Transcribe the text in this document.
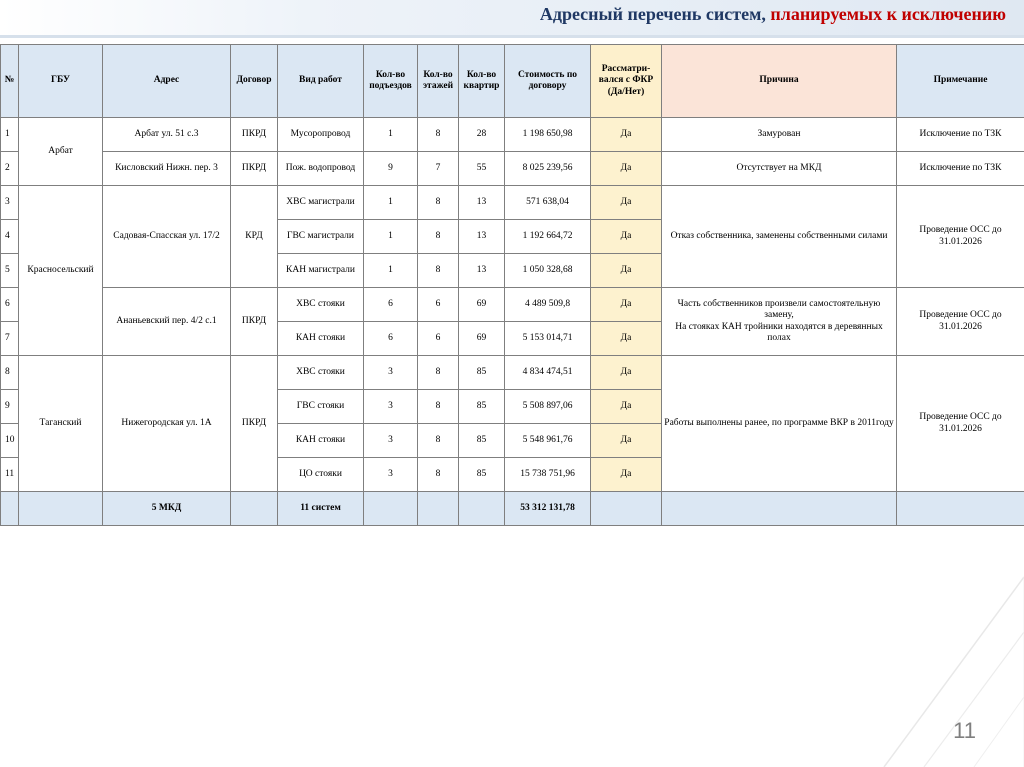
Адресный перечень систем, планируемых к исключению
№	ГБУ	Адрес	Договор	Вид работ	Кол-во подъездов	Кол-во этажей	Кол-во квартир	Стоимость по договору	Рассматри-вался с ФКР (Да/Нет)	Причина	Примечание
1	Арбат	Арбат ул. 51 с.3	ПКРД	Мусоропровод	1	8	28	1 198 650,98	Да	Замурован	Исключение по ТЗК
2		Кисловский Нижн. пер. 3	ПКРД	Пож. водопровод	9	7	55	8 025 239,56	Да	Отсутствует на МКД	Исключение по ТЗК
3	Красносельский	Садовая-Спасская ул. 17/2	КРД	ХВС магистрали	1	8	13	571 638,04	Да	Отказ собственника, заменены собственными силами	Проведение ОСС до 31.01.2026
4				ГВС магистрали	1	8	13	1 192 664,72	Да		
5				КАН магистрали	1	8	13	1 050 328,68	Да		
6		Ананьевский пер. 4/2 с.1	ПКРД	ХВС стояки	6	6	69	4 489 509,8	Да	Часть собственников произвели самостоятельную замену,
На стояках КАН тройники находятся в деревянных полах	Проведение ОСС до 31.01.2026
7				КАН стояки	6	6	69	5 153 014,71	Да		
8	Таганский	Нижегородская ул. 1А	ПКРД	ХВС стояки	3	8	85	4 834 474,51	Да	Работы выполнены ранее, по программе ВКР в 2011году	Проведение ОСС до 31.01.2026
9				ГВС стояки	3	8	85	5 508 897,06	Да		
10				КАН стояки	3	8	85	5 548 961,76	Да		
11				ЦО стояки	3	8	85	15 738 751,96	Да		
		5 МКД		11 систем				53 312 131,78			
11
